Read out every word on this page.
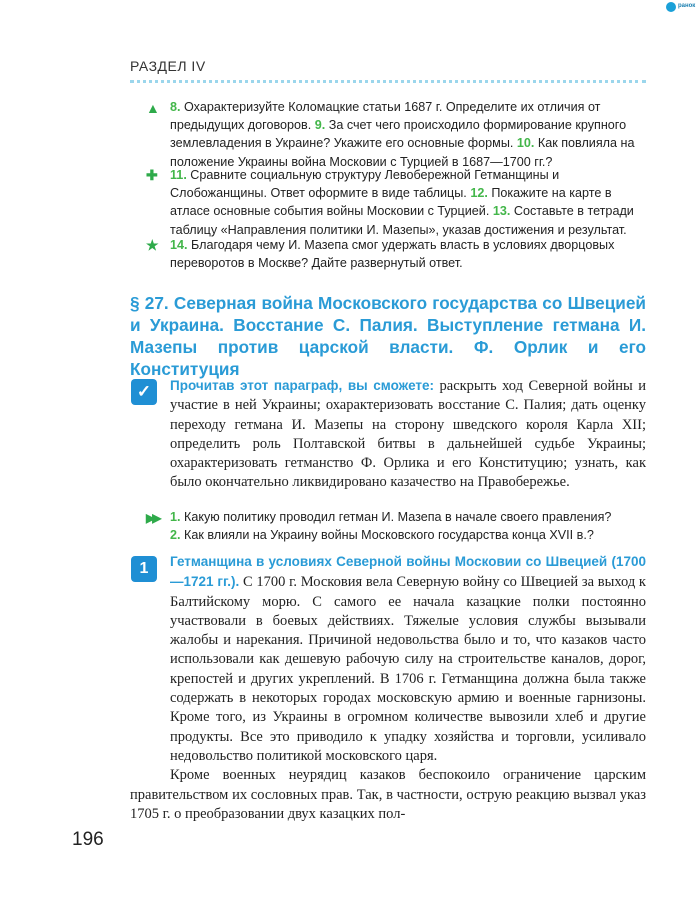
ранок
РАЗДЕЛ IV
▲ 8. Охарактеризуйте Коломацкие статьи 1687 г. Определите их отличия от предыдущих договоров. 9. За счет чего происходило формирование крупного землевладения в Украине? Укажите его основные формы. 10. Как повлияла на положение Украины война Московии с Турцией в 1687—1700 гг.?
✚ 11. Сравните социальную структуру Левобережной Гетманщины и Слобожанщины. Ответ оформите в виде таблицы. 12. Покажите на карте в атласе основные события войны Московии с Турцией. 13. Составьте в тетради таблицу «Направления политики И. Мазепы», указав достижения и результат.
★ 14. Благодаря чему И. Мазепа смог удержать власть в условиях дворцовых переворотов в Москве? Дайте развернутый ответ.
§ 27. Северная война Московского государства со Швецией и Украина. Восстание С. Палия. Выступление гетмана И. Мазепы против царской власти. Ф. Орлик и его Конституция
✓	Прочитав этот параграф, вы сможете: раскрыть ход Северной войны и участие в ней Украины; охарактеризовать восстание С. Палия; дать оценку переходу гетмана И. Мазепы на сторону шведского короля Карла XII; определить роль Полтавской битвы в дальнейшей судьбе Украины; охарактеризовать гетманство Ф. Орлика и его Конституцию; узнать, как было окончательно ликвидировано казачество на Правобережье.
▶▶ 1. Какую политику проводил гетман И. Мазепа в начале своего правления?
2. Как влияли на Украину войны Московского государства конца XVII в.?
1	Гетманщина в условиях Северной войны Московии со Швецией (1700—1721 гг.). С 1700 г. Московия вела Северную войну со Швецией за выход к Балтийскому морю. С самого ее начала казацкие полки постоянно участвовали в боевых действиях. Тяжелые условия службы вызывали жалобы и нарекания. Причиной недовольства было и то, что казаков часто использовали как дешевую рабочую силу на строительстве каналов, дорог, крепостей и других укреплений. В 1706 г. Гетманщина должна была также содержать в некоторых городах московскую армию и военные гарнизоны. Кроме того, из Украины в огромном количестве вывозили хлеб и другие продукты. Все это приводило к упадку хозяйства и торговли, усиливало недовольство политикой московского царя.
Кроме военных неурядиц казаков беспокоило ограничение царским правительством их сословных прав. Так, в частности, острую реакцию вызвал указ 1705 г. о преобразовании двух казацких пол-
196
